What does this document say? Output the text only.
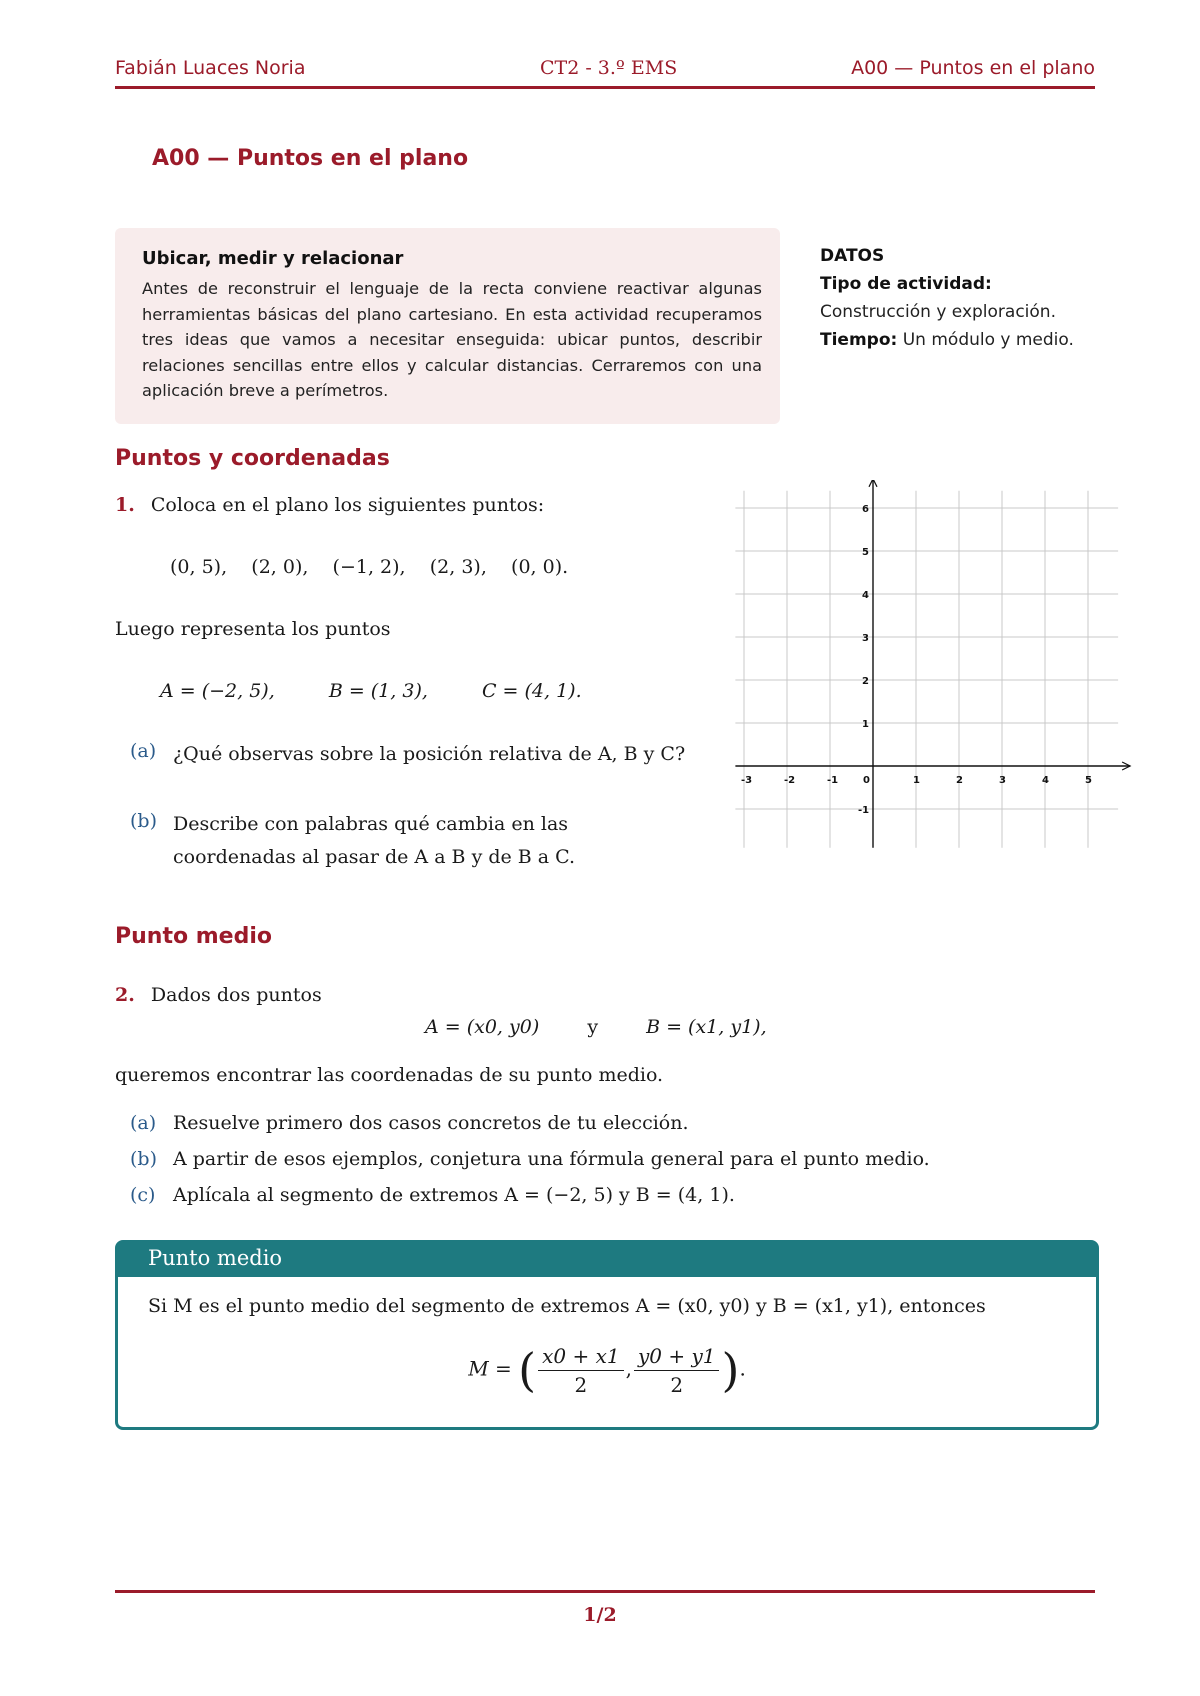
Fabián Luaces Noria	CT2 - 3.º EMS	A00 — Puntos en el plano
A00 — Puntos en el plano
Ubicar, medir y relacionar
Antes de reconstruir el lenguaje de la recta conviene reactivar algunas herramientas básicas del plano cartesiano. En esta actividad recuperamos tres ideas que vamos a necesitar enseguida: ubicar puntos, describir relaciones sencillas entre ellos y calcular distancias. Cerraremos con una aplicación breve a perímetros.
DATOS
Tipo de actividad:
Construcción y exploración.
Tiempo: Un módulo y medio.
Puntos y coordenadas
1. Coloca en el plano los siguientes puntos:
(0, 5),    (2, 0),    (−1, 2),    (2, 3),    (0, 0).
Luego representa los puntos
A = (−2, 5),	B = (1, 3),	C = (4, 1).
(a) ¿Qué observas sobre la posición relativa de A, B y C?
(b) Describe con palabras qué cambia en las coordenadas al pasar de A a B y de B a C.
-3	-2	-1 0	1	2	3	4	5
6
5
4
3
2
1
-1
Punto medio
2. Dados dos puntos
A = (x0, y0)	y	B = (x1, y1),
queremos encontrar las coordenadas de su punto medio.
(a) Resuelve primero dos casos concretos de tu elección.
(b) A partir de esos ejemplos, conjetura una fórmula general para el punto medio.
(c) Aplícala al segmento de extremos A = (−2, 5) y B = (4, 1).
Punto medio
Si M es el punto medio del segmento de extremos A = (x0, y0) y B = (x1, y1), entonces
M = ( $\frac{x0 + x1}{2}$ , $\frac{y0 + y1}{2}$ ).
1/2
